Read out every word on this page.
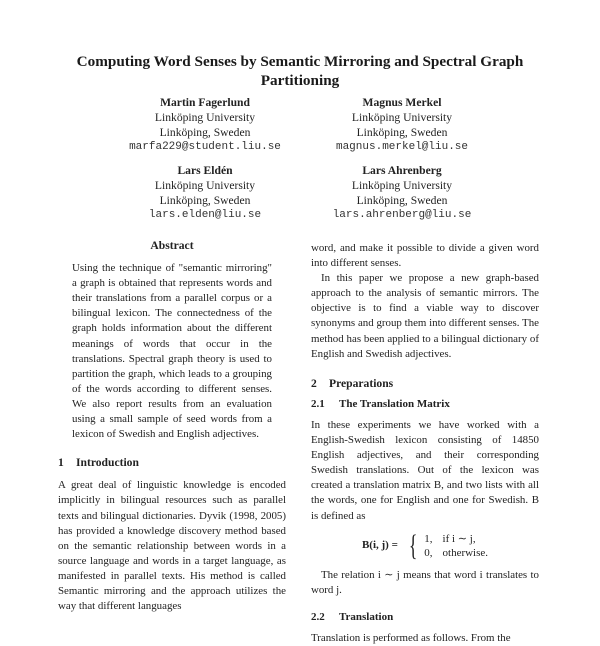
Computing Word Senses by Semantic Mirroring and Spectral Graph Partitioning
Martin Fagerlund
Linköping University
Linköping, Sweden
marfa229@student.liu.se
Magnus Merkel
Linköping University
Linköping, Sweden
magnus.merkel@liu.se
Lars Eldén
Linköping University
Linköping, Sweden
lars.elden@liu.se
Lars Ahrenberg
Linköping University
Linköping, Sweden
lars.ahrenberg@liu.se
Abstract

Using the technique of "semantic mirroring" a graph is obtained that represents words and their translations from a parallel corpus or a bilingual lexicon. The connectedness of the graph holds information about the different meanings of words that occur in the translations. Spectral graph theory is used to partition the graph, which leads to a grouping of the words according to different senses. We also report results from an evaluation using a small sample of seed words from a lexicon of Swedish and English adjectives.

1 Introduction

A great deal of linguistic knowledge is encoded implicitly in bilingual resources such as parallel texts and bilingual dictionaries. Dyvik (1998, 2005) has provided a knowledge discovery method based on the semantic relationship between words in a source language and words in a target language, as manifested in parallel texts. His method is called Semantic mirroring and the approach utilizes the way that different languages

word, and make it possible to divide a given word into different senses.

In this paper we propose a new graph-based approach to the analysis of semantic mirrors. The objective is to find a viable way to discover synonyms and group them into different senses. The method has been applied to a bilingual dictionary of English and Swedish adjectives.

2 Preparations
2.1 The Translation Matrix

In these experiments we have worked with a English-Swedish lexicon consisting of 14850 English adjectives, and their corresponding Swedish translations. Out of the lexicon was created a translation matrix B, and two lists with all the words, one for English and one for Swedish. B is defined as

B(i, j) = { 1, if i ∼ j,
0, otherwise.

The relation i ∼ j means that word i translates to word j.

2.2 Translation

Translation is performed as follows. From the
